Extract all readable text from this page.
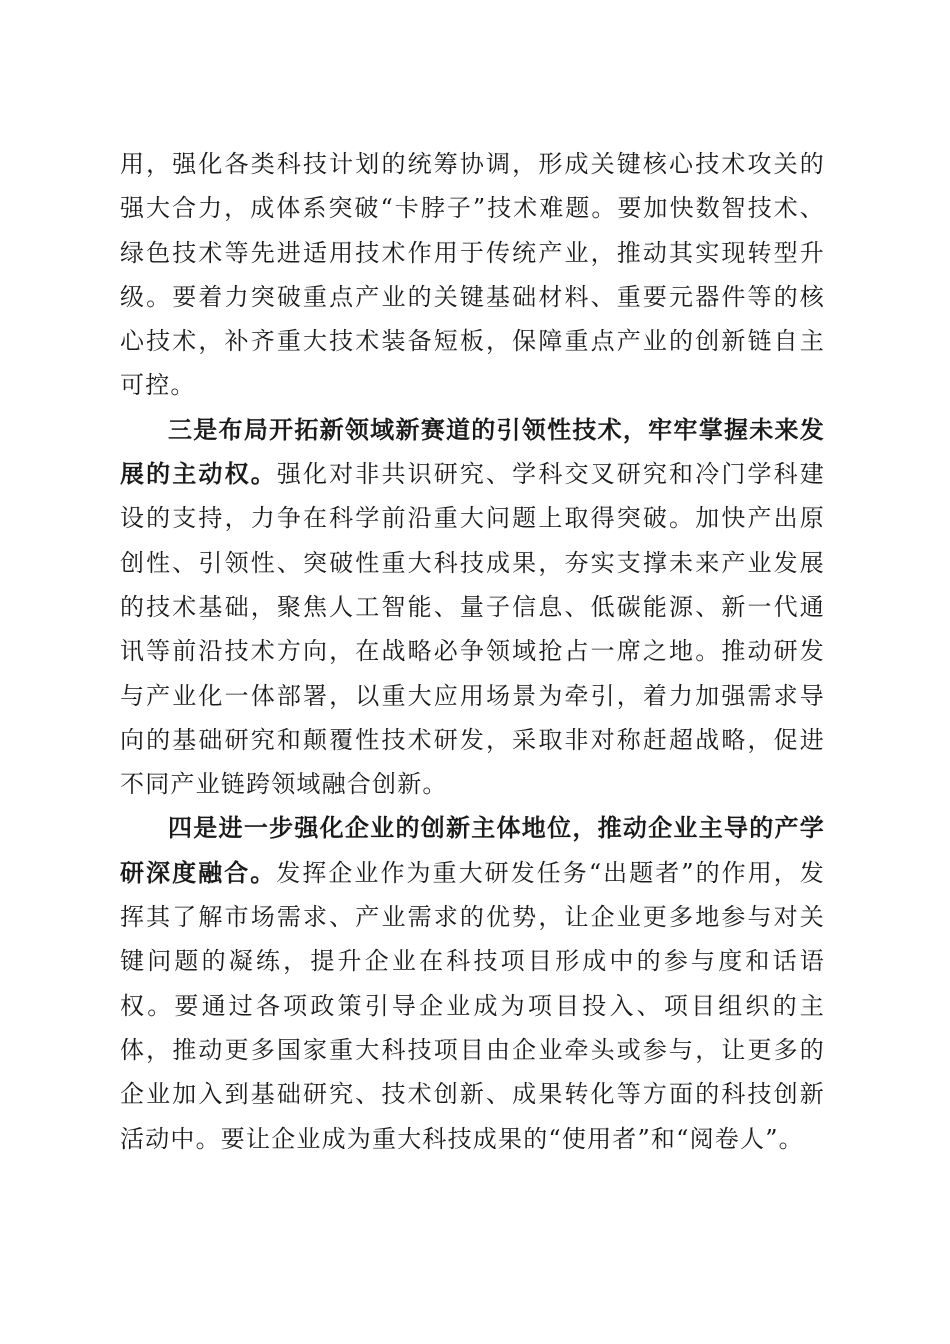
用，强化各类科技计划的统筹协调，形成关键核心技术攻关的强大合力，成体系突破“卡脖子”技术难题。要加快数智技术、绿色技术等先进适用技术作用于传统产业，推动其实现转型升级。要着力突破重点产业的关键基础材料、重要元器件等的核心技术，补齐重大技术装备短板，保障重点产业的创新链自主可控。

三是布局开拓新领域新赛道的引领性技术，牢牢掌握未来发展的主动权。强化对非共识研究、学科交叉研究和冷门学科建设的支持，力争在科学前沿重大问题上取得突破。加快产出原创性、引领性、突破性重大科技成果，夯实支撑未来产业发展的技术基础，聚焦人工智能、量子信息、低碳能源、新一代通讯等前沿技术方向，在战略必争领域抢占一席之地。推动研发与产业化一体部署，以重大应用场景为牵引，着力加强需求导向的基础研究和颠覆性技术研发，采取非对称赶超战略，促进不同产业链跨领域融合创新。

四是进一步强化企业的创新主体地位，推动企业主导的产学研深度融合。发挥企业作为重大研发任务“出题者”的作用，发挥其了解市场需求、产业需求的优势，让企业更多地参与对关键问题的凝练，提升企业在科技项目形成中的参与度和话语权。要通过各项政策引导企业成为项目投入、项目组织的主体，推动更多国家重大科技项目由企业牵头或参与，让更多的企业加入到基础研究、技术创新、成果转化等方面的科技创新活动中。要让企业成为重大科技成果的“使用者”和“阅卷人”。
